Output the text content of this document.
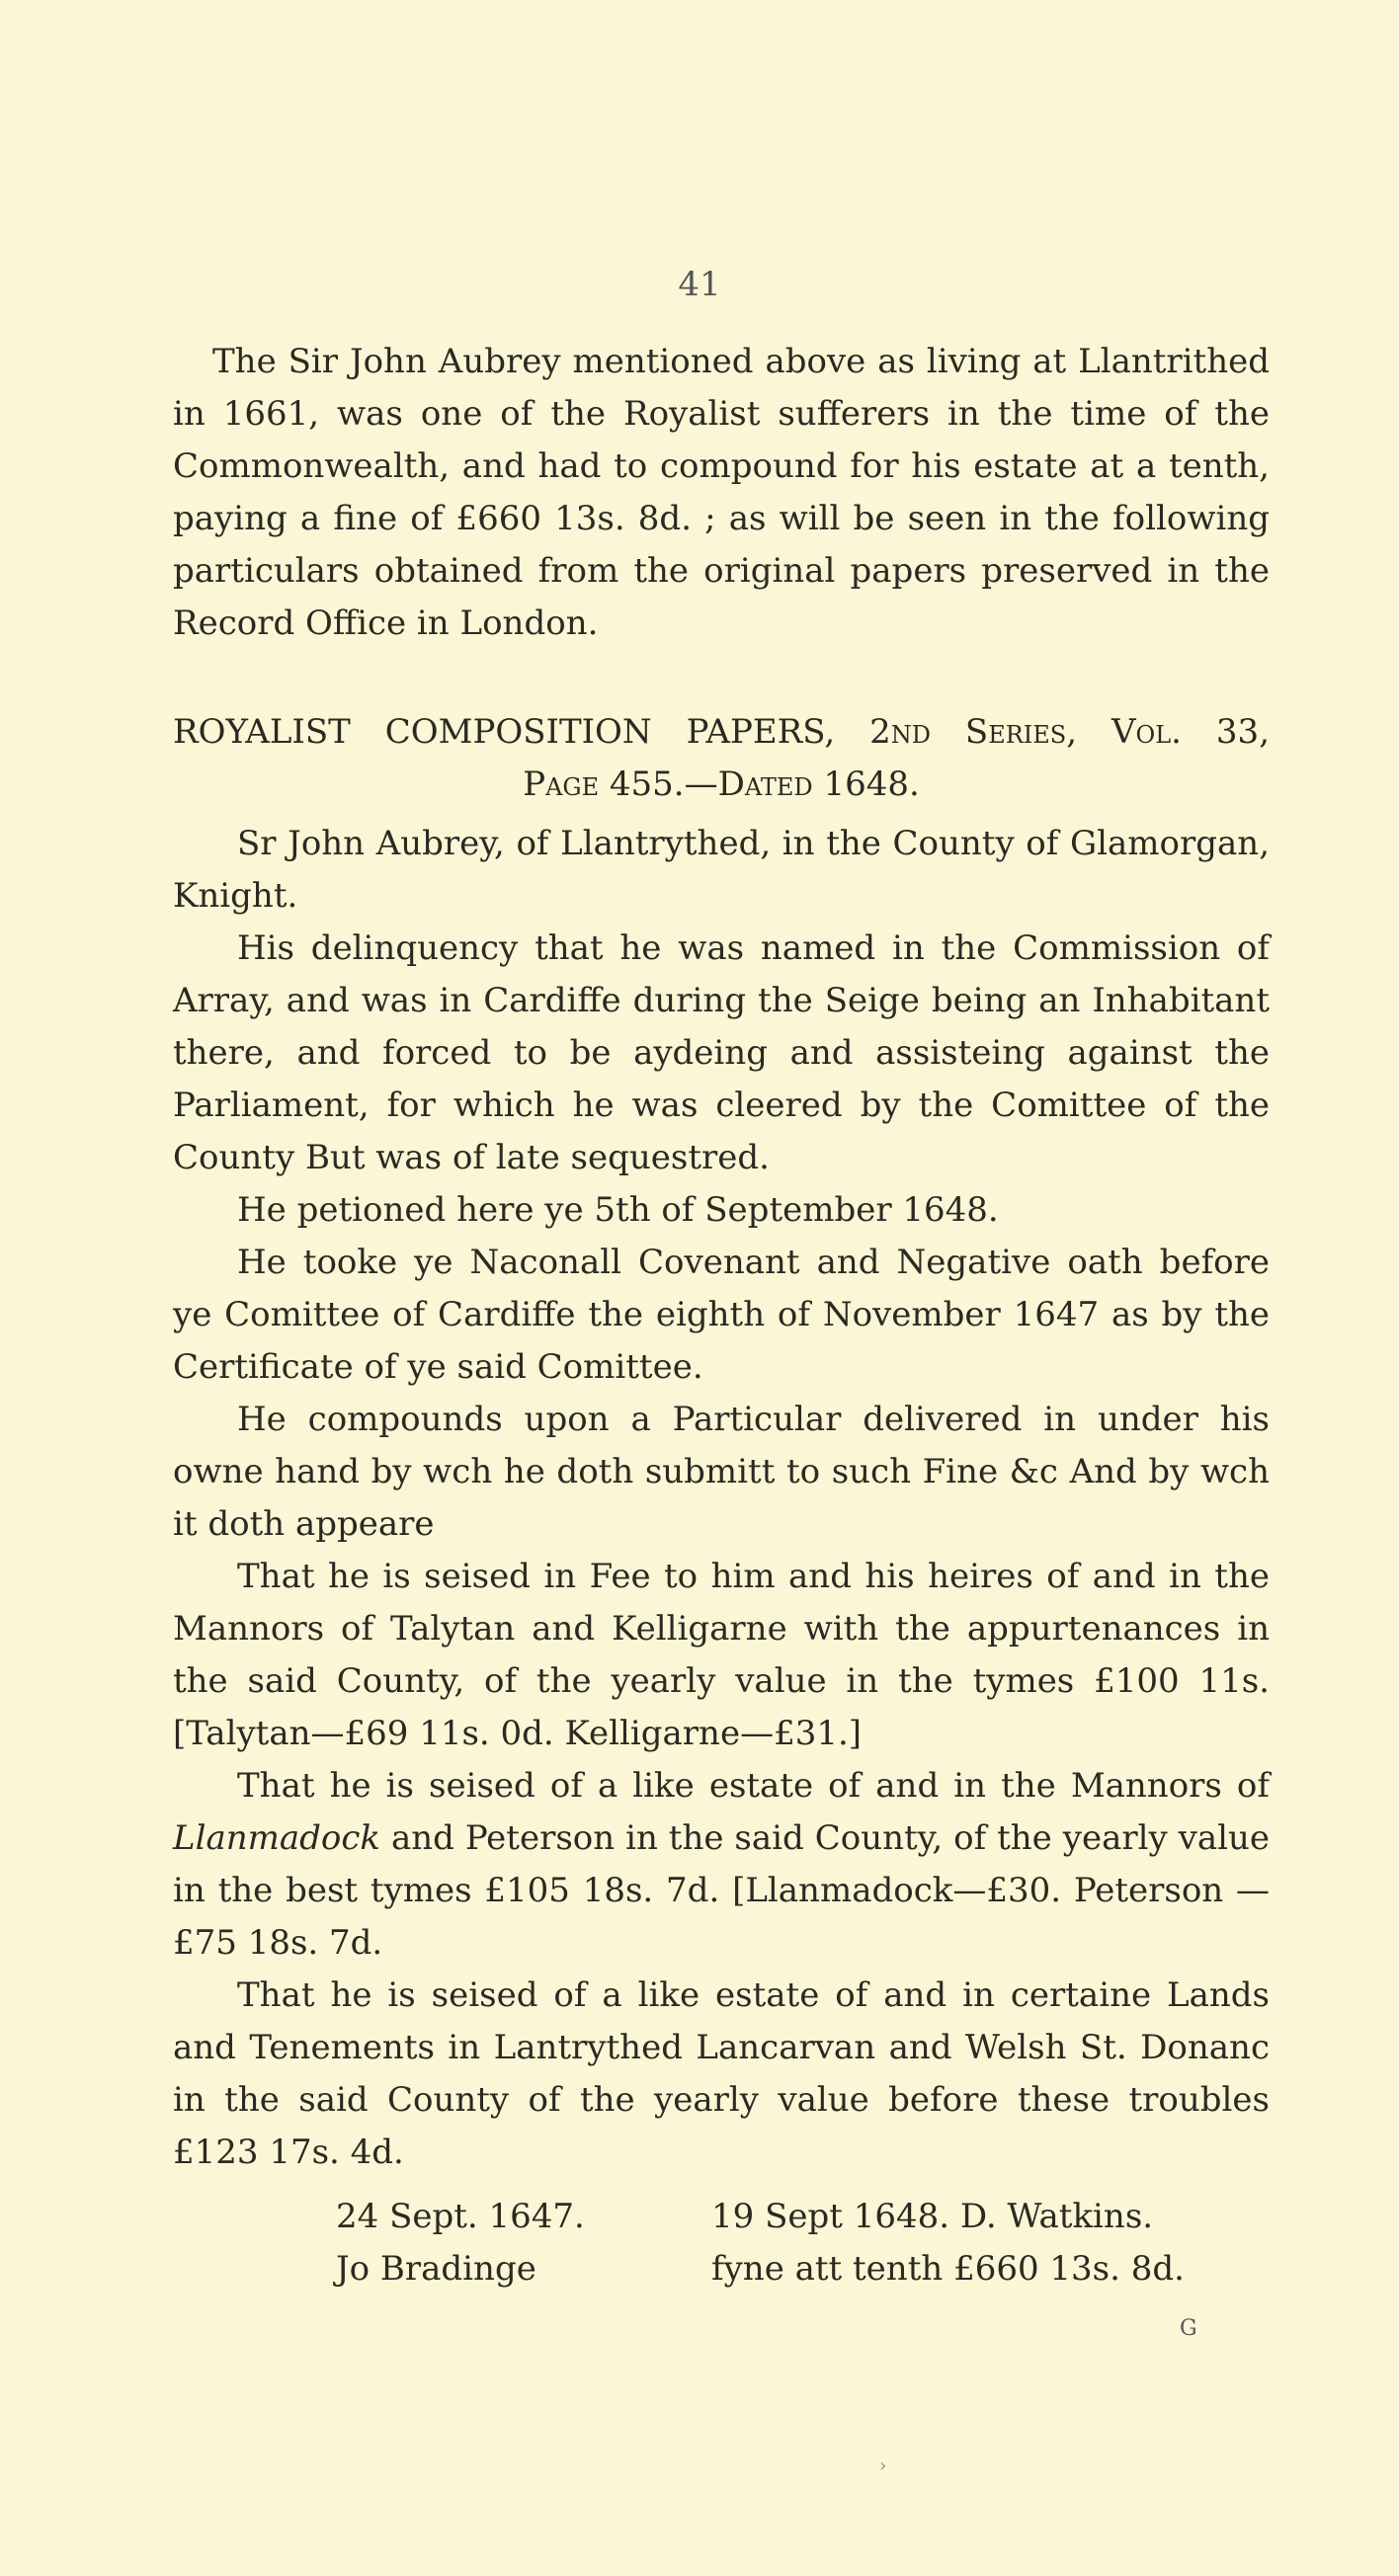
41

The Sir John Aubrey mentioned above as living at Llantrithed in 1661, was one of the Royalist sufferers in the time of the Commonwealth, and had to compound for his estate at a tenth, paying a fine of £660 13s. 8d. ; as will be seen in the following particulars obtained from the original papers preserved in the Record Office in London.

ROYALIST COMPOSITION PAPERS, 2nd Series, Vol. 33,
Page 455.—Dated 1648.

Sr John Aubrey, of Llantrythed, in the County of Glamorgan, Knight.

His delinquency that he was named in the Commission of Array, and was in Cardiffe during the Seige being an Inhabitant there, and forced to be aydeing and assisteing against the Parliament, for which he was cleered by the Comittee of the County But was of late sequestred.

He petioned here ye 5th of September 1648.

He tooke ye Naconall Covenant and Negative oath before ye Comittee of Cardiffe the eighth of November 1647 as by the Certificate of ye said Comittee.

He compounds upon a Particular delivered in under his owne hand by wch he doth submitt to such Fine &c And by wch it doth appeare

That he is seised in Fee to him and his heires of and in the Mannors of Talytan and Kelligarne with the appurtenances in the said County, of the yearly value in the tymes £100 11s. [Talytan—£69 11s. 0d. Kelligarne—£31.]

That he is seised of a like estate of and in the Mannors of Llanmadock and Peterson in the said County, of the yearly value in the best tymes £105 18s. 7d. [Llanmadock—£30. Peterson —£75 18s. 7d.

That he is seised of a like estate of and in certaine Lands and Tenements in Lantrythed Lancarvan and Welsh St. Donanc in the said County of the yearly value before these troubles £123 17s. 4d.

24 Sept. 1647.	19 Sept 1648. D. Watkins.
Jo Bradinge	fyne att tenth £660 13s. 8d.
G
›
